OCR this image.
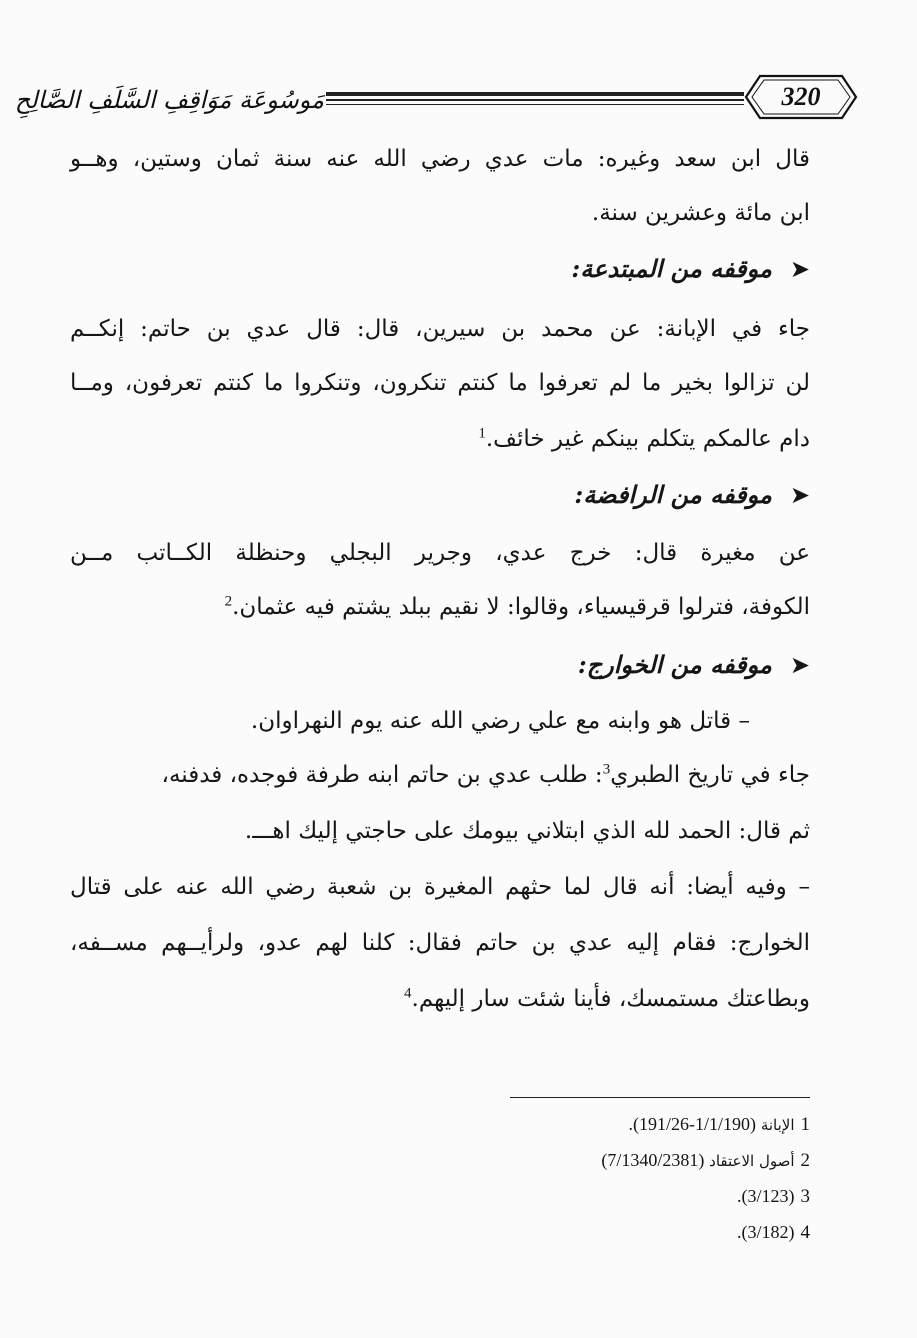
320
مَوسُوعَة مَوَاقِفِ السَّلَفِ الصَّالِحِ
قال ابن سعد وغيره: مات عدي رضي الله عنه سنة ثمان وستين، وهــو
ابن مائة وعشرين سنة.
➤موقفه من المبتدعة:
جاء في الإبانة: عن محمد بن سيرين، قال: قال عدي بن حاتم: إنكــم
لن تزالوا بخير ما لم تعرفوا ما كنتم تنكرون، وتنكروا ما كنتم تعرفون، ومــا
دام عالمكم يتكلم بينكم غير خائف.$^1$
➤موقفه من الرافضة:
عن مغيرة قال: خرج عدي، وجرير البجلي وحنظلة الكــاتب مــن
الكوفة، فترلوا قرقيسياء، وقالوا: لا نقيم ببلد يشتم فيه عثمان.$^2$
➤موقفه من الخوارج:
– قاتل هو وابنه مع علي رضي الله عنه يوم النهراوان.
جاء في تاريخ الطبري$^3$: طلب عدي بن حاتم ابنه طرفة فوجده، فدفنه،
ثم قال: الحمد لله الذي ابتلاني بيومك على حاجتي إليك اهـــ.
– وفيه أيضا: أنه قال لما حثهم المغيرة بن شعبة رضي الله عنه على قتال
الخوارج: فقام إليه عدي بن حاتم فقال: كلنا لهم عدو، ولرأيــهم مســفه،
وبطاعتك مستمسك، فأينا شئت سار إليهم.$^4$
1الإبانة (1/1/190-191/26).
2أصول الاعتقاد (7/1340/2381)
3(3/123).
4(3/182).
